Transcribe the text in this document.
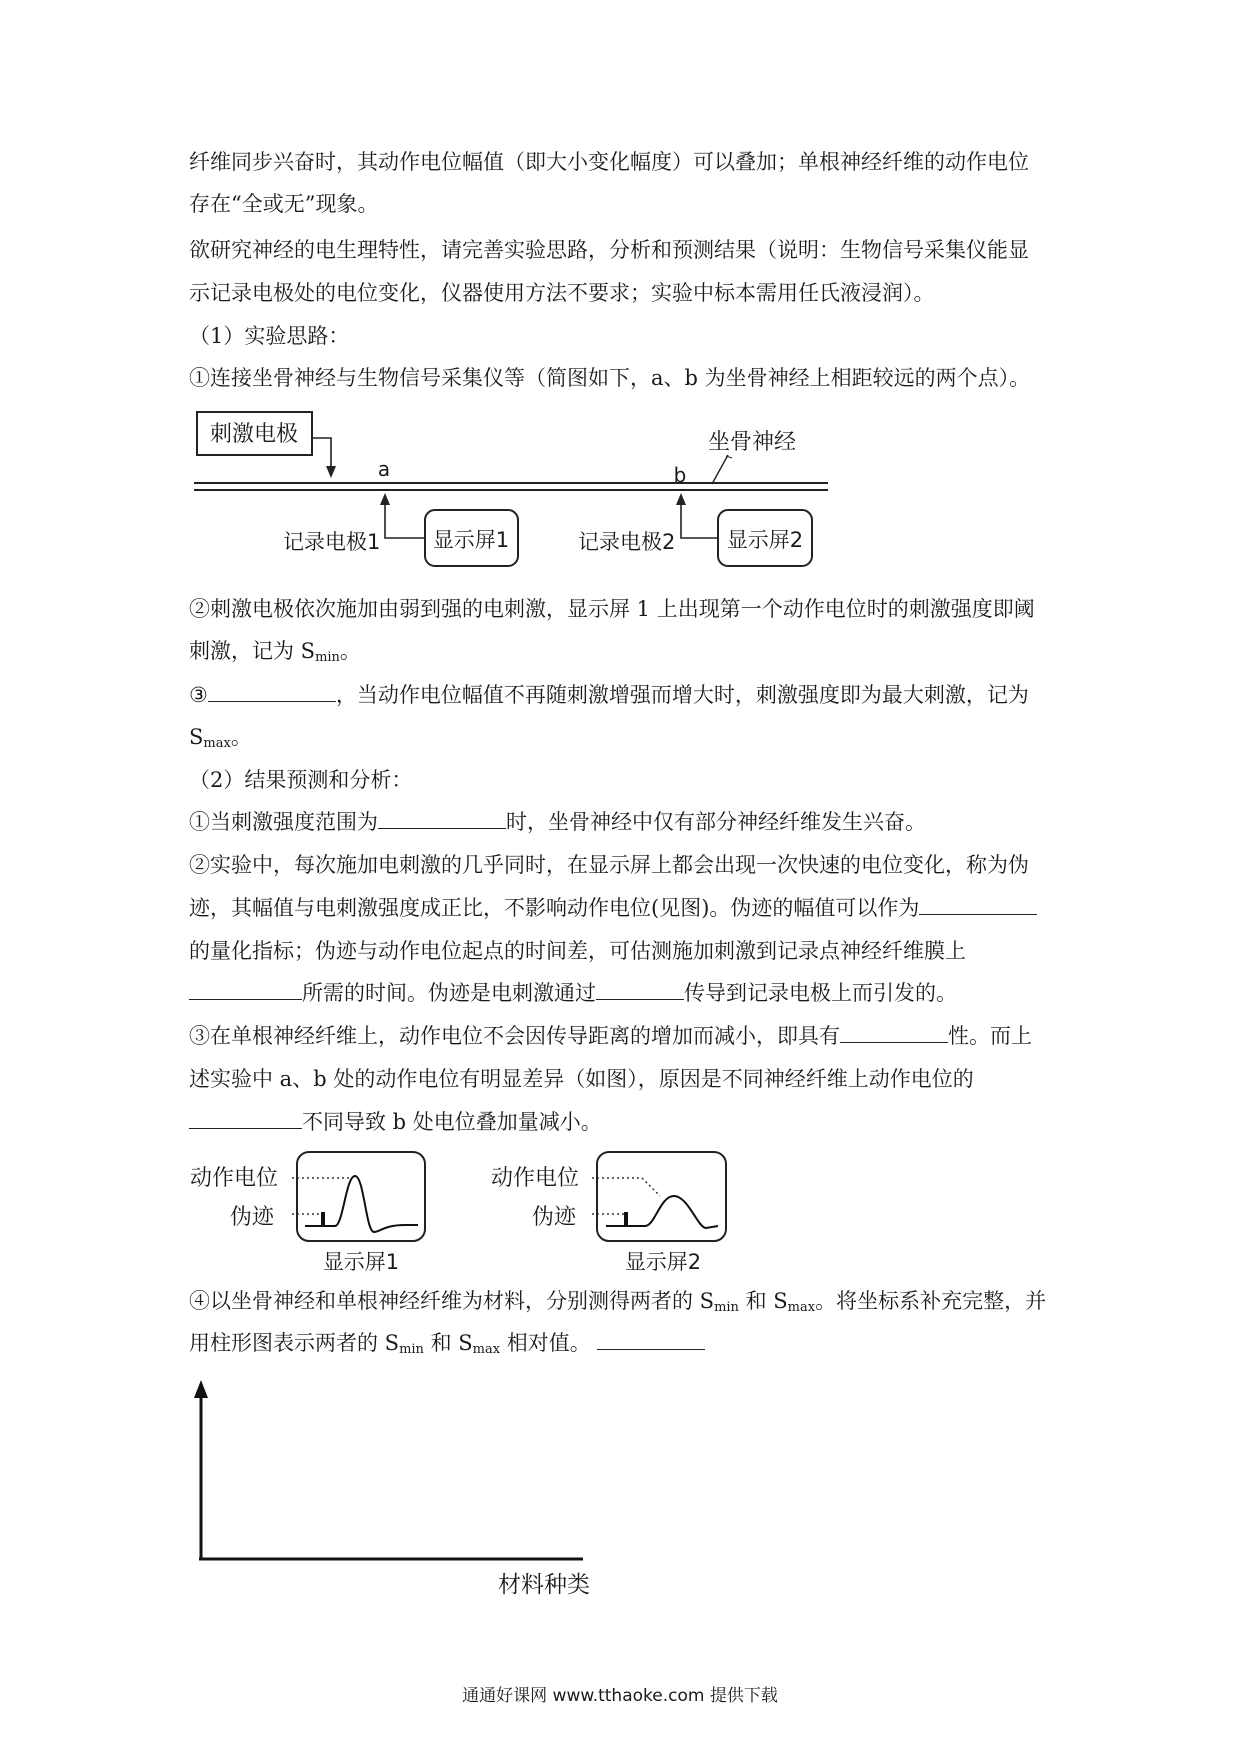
纤维同步兴奋时，其动作电位幅值（即大小变化幅度）可以叠加；单根神经纤维的动作电位
存在“全或无”现象。
欲研究神经的电生理特性，请完善实验思路，分析和预测结果（说明：生物信号采集仪能显
示记录电极处的电位变化，仪器使用方法不要求；实验中标本需用任氏液浸润）。
（1）实验思路：
①连接坐骨神经与生物信号采集仪等（简图如下，a、b 为坐骨神经上相距较远的两个点）。
刺激电极
a	b
坐骨神经
显示屏1
记录电极1	显示屏2
记录电极2
②刺激电极依次施加由弱到强的电刺激，显示屏 1 上出现第一个动作电位时的刺激强度即阈
刺激，记为 $S_{min}$。
③	，当动作电位幅值不再随刺激增强而增大时，刺激强度即为最大刺激，记为
$S_{max}$。
（2）结果预测和分析：
①当刺激强度范围为	时，坐骨神经中仅有部分神经纤维发生兴奋。
②实验中，每次施加电刺激的几乎同时，在显示屏上都会出现一次快速的电位变化，称为伪
迹，其幅值与电刺激强度成正比，不影响动作电位(见图)。伪迹的幅值可以作为
的量化指标；伪迹与动作电位起点的时间差，可估测施加刺激到记录点神经纤维膜上
所需的时间。伪迹是电刺激通过	传导到记录电极上而引发的。
③在单根神经纤维上，动作电位不会因传导距离的增加而减小，即具有	性。而上
述实验中 a、b 处的动作电位有明显差异（如图），原因是不同神经纤维上动作电位的
不同导致 b 处电位叠加量减小。
动作电位
伪迹
显示屏1
动作电位
伪迹
显示屏2
④以坐骨神经和单根神经纤维为材料，分别测得两者的 $S_{min}$ 和 $S_{max}$。将坐标系补充完整，并
用柱形图表示两者的 $S_{min}$ 和 $S_{max}$ 相对值。
材料种类
通通好课网 www.tthaoke.com 提供下载
